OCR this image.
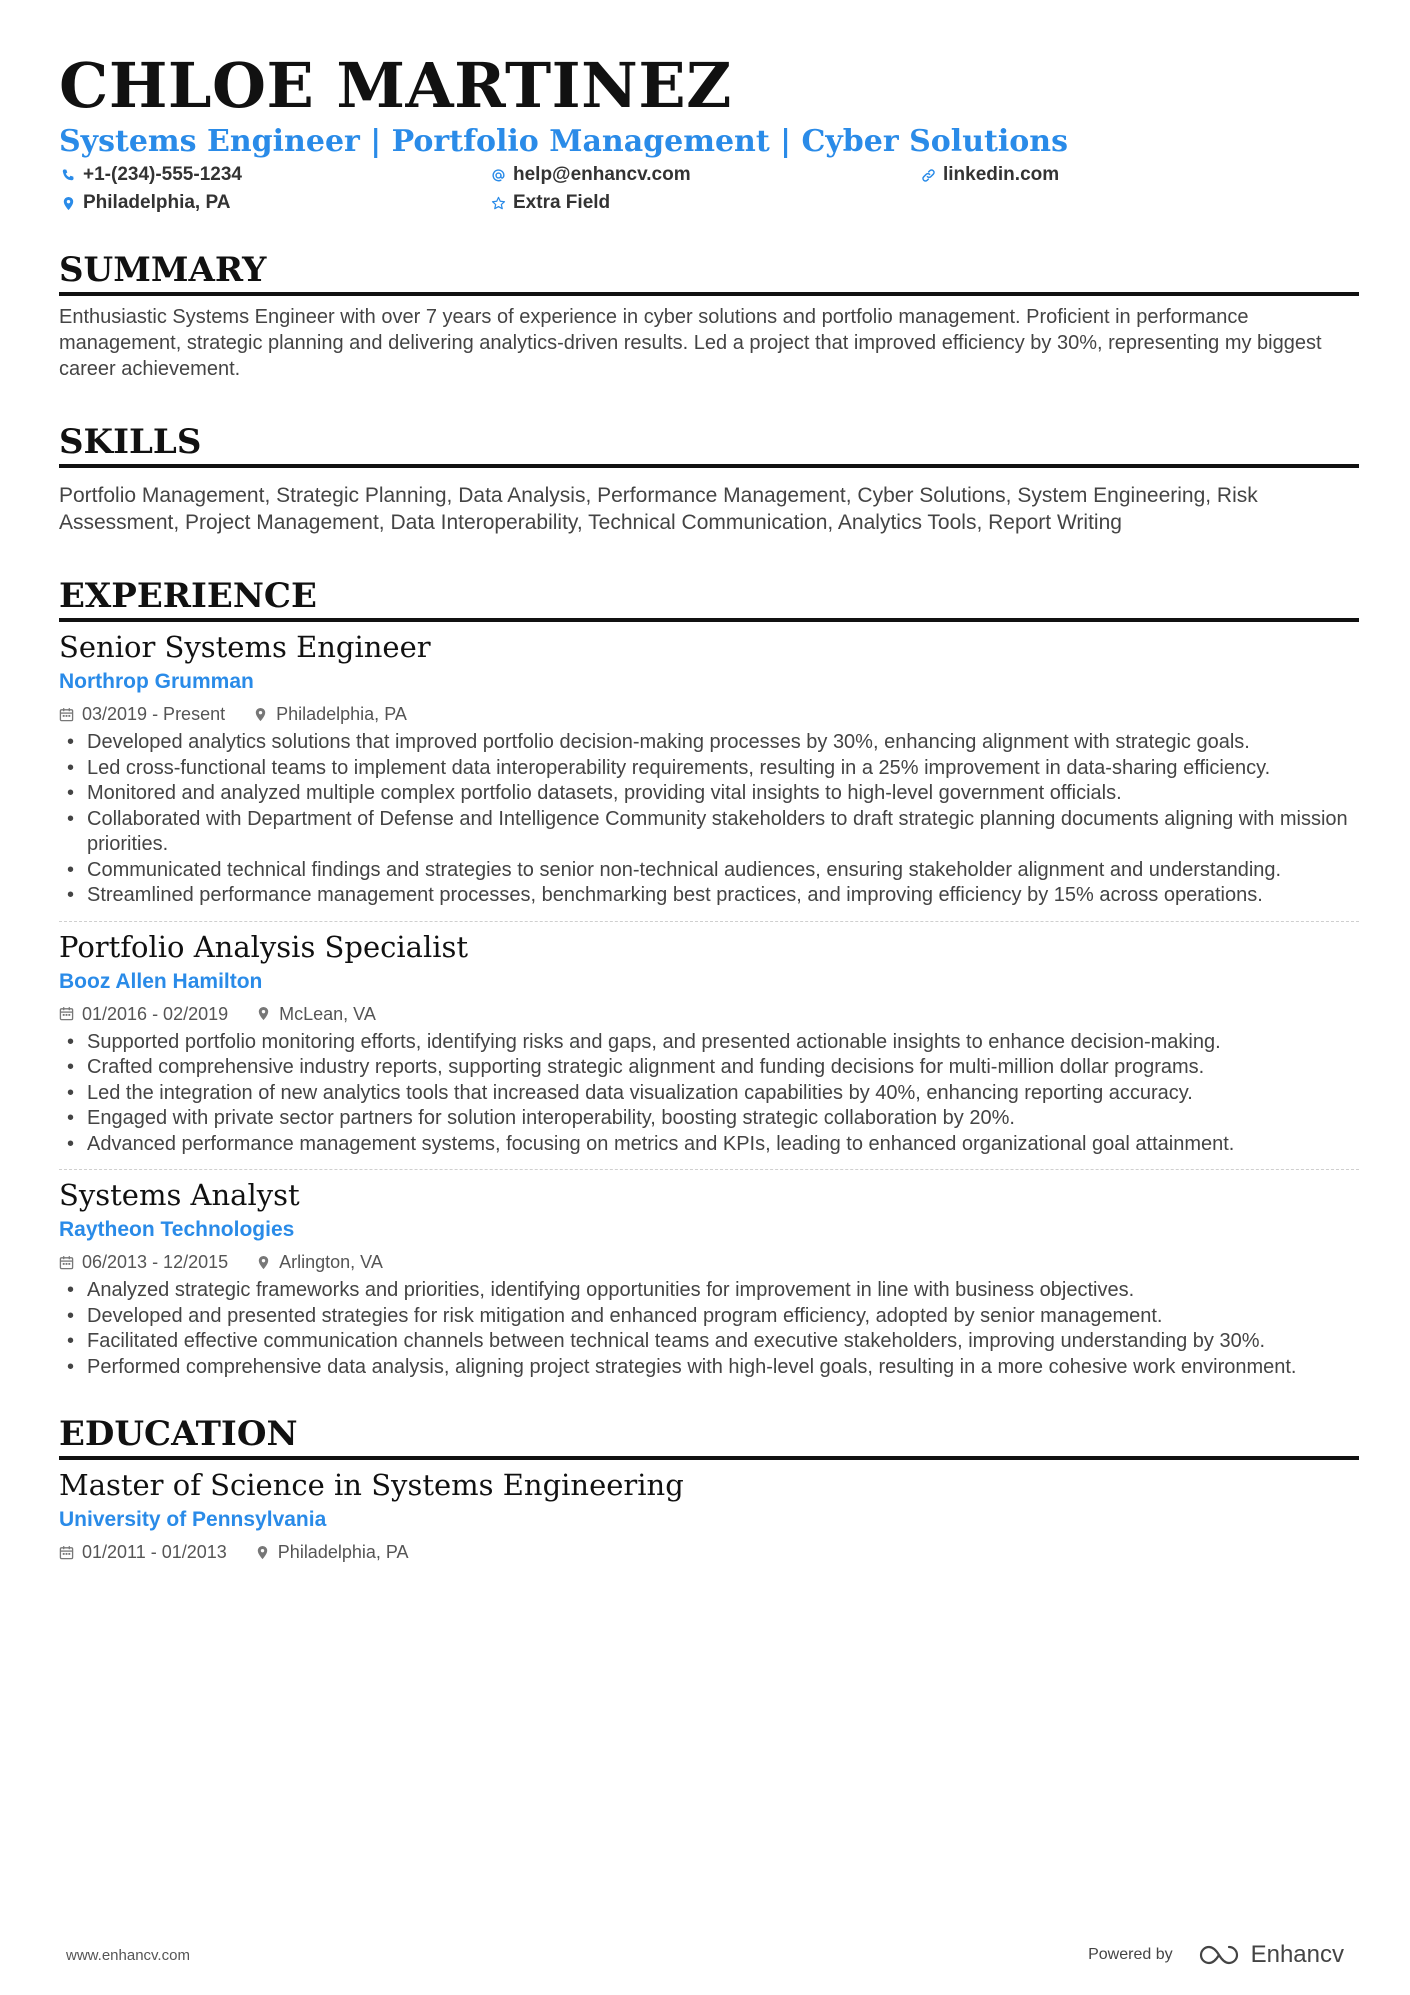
CHLOE MARTINEZ
Systems Engineer | Portfolio Management | Cyber Solutions
+1-(234)-555-1234	help@enhancv.com	linkedin.com
Philadelphia, PA	Extra Field
SUMMARY
Enthusiastic Systems Engineer with over 7 years of experience in cyber solutions and portfolio management. Proficient in performance management, strategic planning and delivering analytics-driven results. Led a project that improved efficiency by 30%, representing my biggest career achievement.
SKILLS
Portfolio Management, Strategic Planning, Data Analysis, Performance Management, Cyber Solutions, System Engineering, Risk Assessment, Project Management, Data Interoperability, Technical Communication, Analytics Tools, Report Writing
EXPERIENCE
Senior Systems Engineer
Northrop Grumman
03/2019 - Present	Philadelphia, PA
• Developed analytics solutions that improved portfolio decision-making processes by 30%, enhancing alignment with strategic goals.
• Led cross-functional teams to implement data interoperability requirements, resulting in a 25% improvement in data-sharing efficiency.
• Monitored and analyzed multiple complex portfolio datasets, providing vital insights to high-level government officials.
• Collaborated with Department of Defense and Intelligence Community stakeholders to draft strategic planning documents aligning with mission priorities.
• Communicated technical findings and strategies to senior non-technical audiences, ensuring stakeholder alignment and understanding.
• Streamlined performance management processes, benchmarking best practices, and improving efficiency by 15% across operations.
Portfolio Analysis Specialist
Booz Allen Hamilton
01/2016 - 02/2019	McLean, VA
• Supported portfolio monitoring efforts, identifying risks and gaps, and presented actionable insights to enhance decision-making.
• Crafted comprehensive industry reports, supporting strategic alignment and funding decisions for multi-million dollar programs.
• Led the integration of new analytics tools that increased data visualization capabilities by 40%, enhancing reporting accuracy.
• Engaged with private sector partners for solution interoperability, boosting strategic collaboration by 20%.
• Advanced performance management systems, focusing on metrics and KPIs, leading to enhanced organizational goal attainment.
Systems Analyst
Raytheon Technologies
06/2013 - 12/2015	Arlington, VA
• Analyzed strategic frameworks and priorities, identifying opportunities for improvement in line with business objectives.
• Developed and presented strategies for risk mitigation and enhanced program efficiency, adopted by senior management.
• Facilitated effective communication channels between technical teams and executive stakeholders, improving understanding by 30%.
• Performed comprehensive data analysis, aligning project strategies with high-level goals, resulting in a more cohesive work environment.
EDUCATION
Master of Science in Systems Engineering
University of Pennsylvania
01/2011 - 01/2013	Philadelphia, PA
www.enhancv.com	Powered by	Enhancv
